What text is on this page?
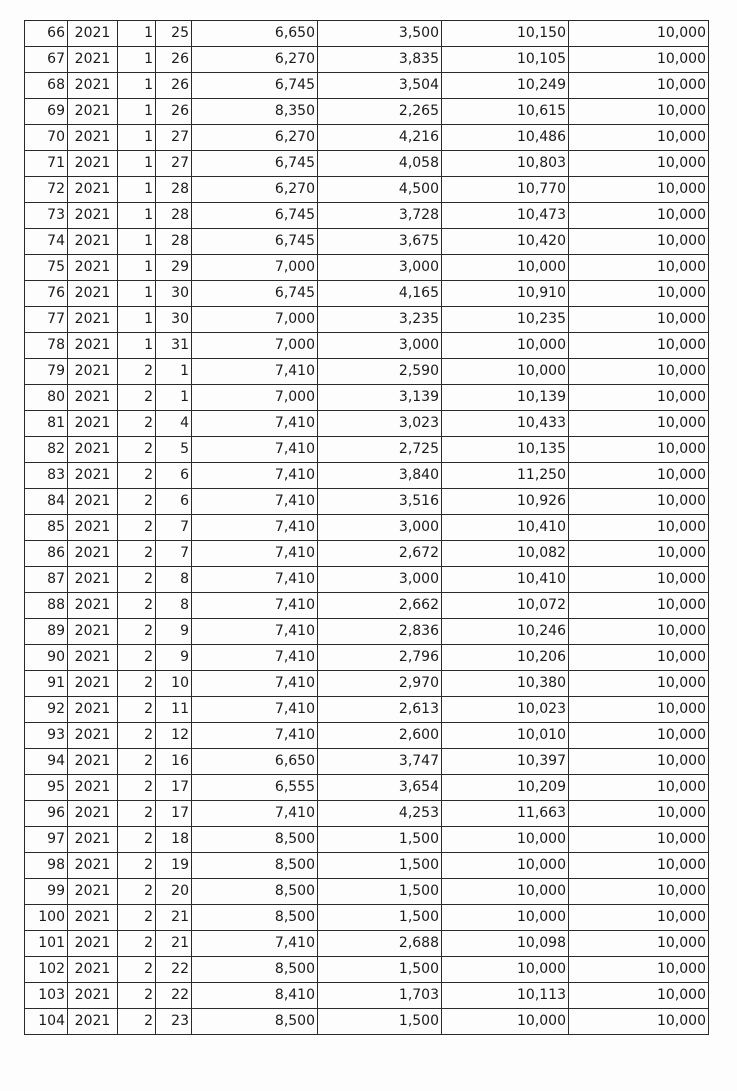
66	2021	1	25	6,650	3,500	10,150	10,000
67	2021	1	26	6,270	3,835	10,105	10,000
68	2021	1	26	6,745	3,504	10,249	10,000
69	2021	1	26	8,350	2,265	10,615	10,000
70	2021	1	27	6,270	4,216	10,486	10,000
71	2021	1	27	6,745	4,058	10,803	10,000
72	2021	1	28	6,270	4,500	10,770	10,000
73	2021	1	28	6,745	3,728	10,473	10,000
74	2021	1	28	6,745	3,675	10,420	10,000
75	2021	1	29	7,000	3,000	10,000	10,000
76	2021	1	30	6,745	4,165	10,910	10,000
77	2021	1	30	7,000	3,235	10,235	10,000
78	2021	1	31	7,000	3,000	10,000	10,000
79	2021	2	1	7,410	2,590	10,000	10,000
80	2021	2	1	7,000	3,139	10,139	10,000
81	2021	2	4	7,410	3,023	10,433	10,000
82	2021	2	5	7,410	2,725	10,135	10,000
83	2021	2	6	7,410	3,840	11,250	10,000
84	2021	2	6	7,410	3,516	10,926	10,000
85	2021	2	7	7,410	3,000	10,410	10,000
86	2021	2	7	7,410	2,672	10,082	10,000
87	2021	2	8	7,410	3,000	10,410	10,000
88	2021	2	8	7,410	2,662	10,072	10,000
89	2021	2	9	7,410	2,836	10,246	10,000
90	2021	2	9	7,410	2,796	10,206	10,000
91	2021	2	10	7,410	2,970	10,380	10,000
92	2021	2	11	7,410	2,613	10,023	10,000
93	2021	2	12	7,410	2,600	10,010	10,000
94	2021	2	16	6,650	3,747	10,397	10,000
95	2021	2	17	6,555	3,654	10,209	10,000
96	2021	2	17	7,410	4,253	11,663	10,000
97	2021	2	18	8,500	1,500	10,000	10,000
98	2021	2	19	8,500	1,500	10,000	10,000
99	2021	2	20	8,500	1,500	10,000	10,000
100	2021	2	21	8,500	1,500	10,000	10,000
101	2021	2	21	7,410	2,688	10,098	10,000
102	2021	2	22	8,500	1,500	10,000	10,000
103	2021	2	22	8,410	1,703	10,113	10,000
104	2021	2	23	8,500	1,500	10,000	10,000
